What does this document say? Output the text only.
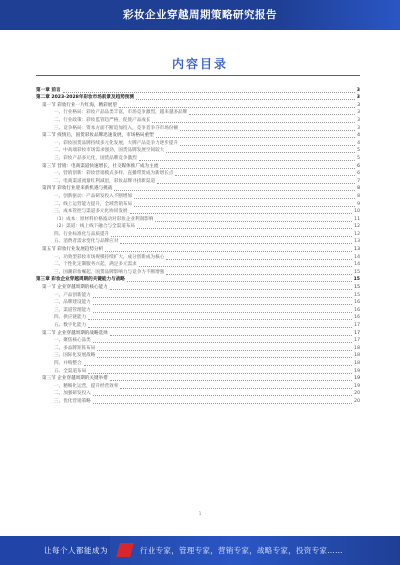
彩妆企业穿越周期策略研究报告
内容目录
第一章 前言	3
第二章 2023-2028年彩妆市场前景及趋势预测	3
第一节 彩妆行业一片红海，精彩展望	3
一、行业格局：彩妆产品品类丰富，市场竞争激烈，越来越多品牌	3
二、行业政策：彩妆监管趋严格，促使产品成长	3
三、竞争格局：资本方面不断追加投入，竞争者争夺市场份额	3
第二节 疫情后，国货彩妆品牌迅速发展，市场格局重塑	4
一、彩妆国货品牌持续多元化发展，大牌产品竞争力逐步提升	4
二、中高端彩妆市场需求强劲，国货品牌发展空间较大	5
三、彩妆产品多元化，国货品牌竞争激烈	5
第三节 营销：电商渠道快速增长，社交媒体推广成为主流	6
一、营销创新：彩妆营销模式多样，直播带货成为新增长点	6
二、电商渠道流量红利减退，彩妆品牌寻找新渠道	7
第四节 彩妆行业迎来新机遇与挑战	8
一、创新驱动：产品研发投入不断增加	8
二、线上运营能力提升，全域营销布局	9
三、成本管控与渠道多元化协同发展	10
（1）成本：原材料价格波动对彩妆企业利润影响	11
（2）渠道：线上线下融合与全渠道布局	12
四、行业标准化与品质提升	12
五、消费者需求变化与品牌应对	13
第五节 彩妆行业发展趋势分析	13
一、功效型彩妆市场规模持续扩大，成分创新成为核心	14
二、个性化定制服务兴起，满足多元需求	14
三、国潮彩妆崛起，国货品牌影响力与竞争力不断增强	15
第三章 彩妆企业穿越周期的关键能力与战略	15
第一节 企业穿越周期的核心能力	15
一、产品创新能力	15
二、品牌建设能力	16
三、渠道管理能力	16
四、供应链能力	16
五、数字化能力	17
第二节 企业穿越周期的战略选择	17
一、聚焦核心品类	17
二、多品牌矩阵布局	18
三、国际化发展战略	18
四、并购整合	18
五、全渠道布局	19
第三节 企业穿越周期的关键举措	19
一、精细化运营，提升经营效率	19
二、加强研发投入	20
三、优化营销策略	20
1
让每个人都能成为	行业专家，管理专家，营销专家，战略专家，投资专家……
